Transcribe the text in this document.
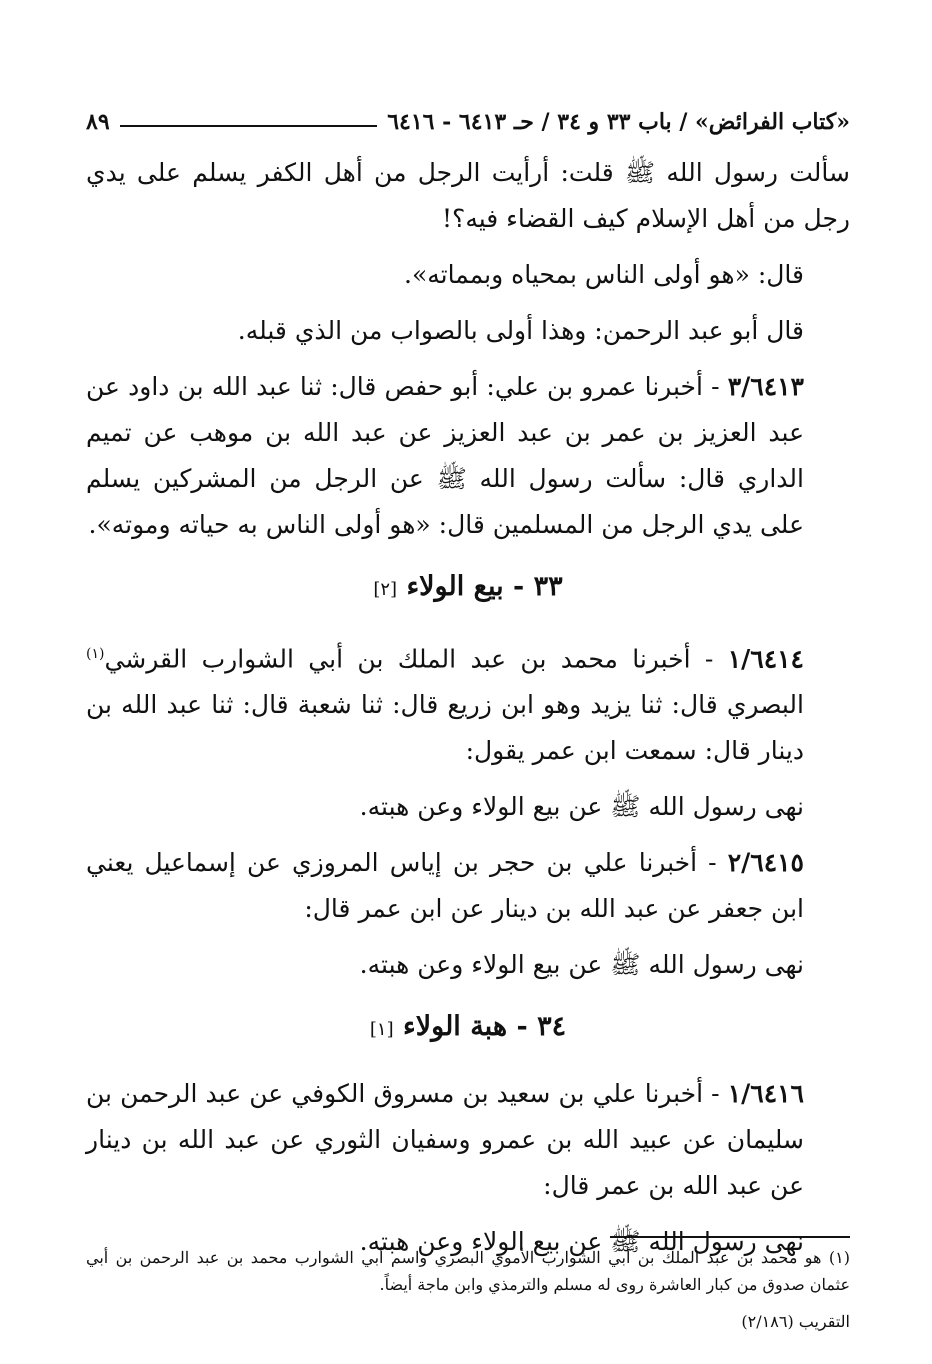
«كتاب الفرائض» / باب ٣٣ و ٣٤ / حـ ٦٤١٣ - ٦٤١٦
٨٩

سألت رسول الله ﷺ قلت: أرأيت الرجل من أهل الكفر يسلم على يدي رجل من أهل الإسلام كيف القضاء فيه؟!

قال: «هو أولى الناس بمحياه وبمماته».

قال أبو عبد الرحمن: وهذا أولى بالصواب من الذي قبله.

٣/٦٤١٣ - أخبرنا عمرو بن علي: أبو حفص قال: ثنا عبد الله بن داود عن عبد العزيز بن عمر بن عبد العزيز عن عبد الله بن موهب عن تميم الداري قال: سألت رسول الله ﷺ عن الرجل من المشركين يسلم على يدي الرجل من المسلمين قال: «هو أولى الناس به حياته وموته».

٣٣ - بيع الولاء [٢]

١/٦٤١٤ - أخبرنا محمد بن عبد الملك بن أبي الشوارب القرشي$^{(١)}$ البصري قال: ثنا يزيد وهو ابن زريع قال: ثنا شعبة قال: ثنا عبد الله بن دينار قال: سمعت ابن عمر يقول:

نهى رسول الله ﷺ عن بيع الولاء وعن هبته.

٢/٦٤١٥ - أخبرنا علي بن حجر بن إياس المروزي عن إسماعيل يعني ابن جعفر عن عبد الله بن دينار عن ابن عمر قال:

نهى رسول الله ﷺ عن بيع الولاء وعن هبته.

٣٤ - هبة الولاء [١]

١/٦٤١٦ - أخبرنا علي بن سعيد بن مسروق الكوفي عن عبد الرحمن بن سليمان عن عبيد الله بن عمرو وسفيان الثوري عن عبد الله بن دينار عن عبد الله بن عمر قال:

نهى رسول الله ﷺ عن بيع الولاء وعن هبته.

(١) هو محمد بن عبد الملك بن أبي الشوارب الأموي البصري واسم أبي الشوارب محمد بن عبد الرحمن بن أبي عثمان صدوق من كبار العاشرة روى له مسلم والترمذي وابن ماجة أيضاً.

التقريب (٢/١٨٦)
